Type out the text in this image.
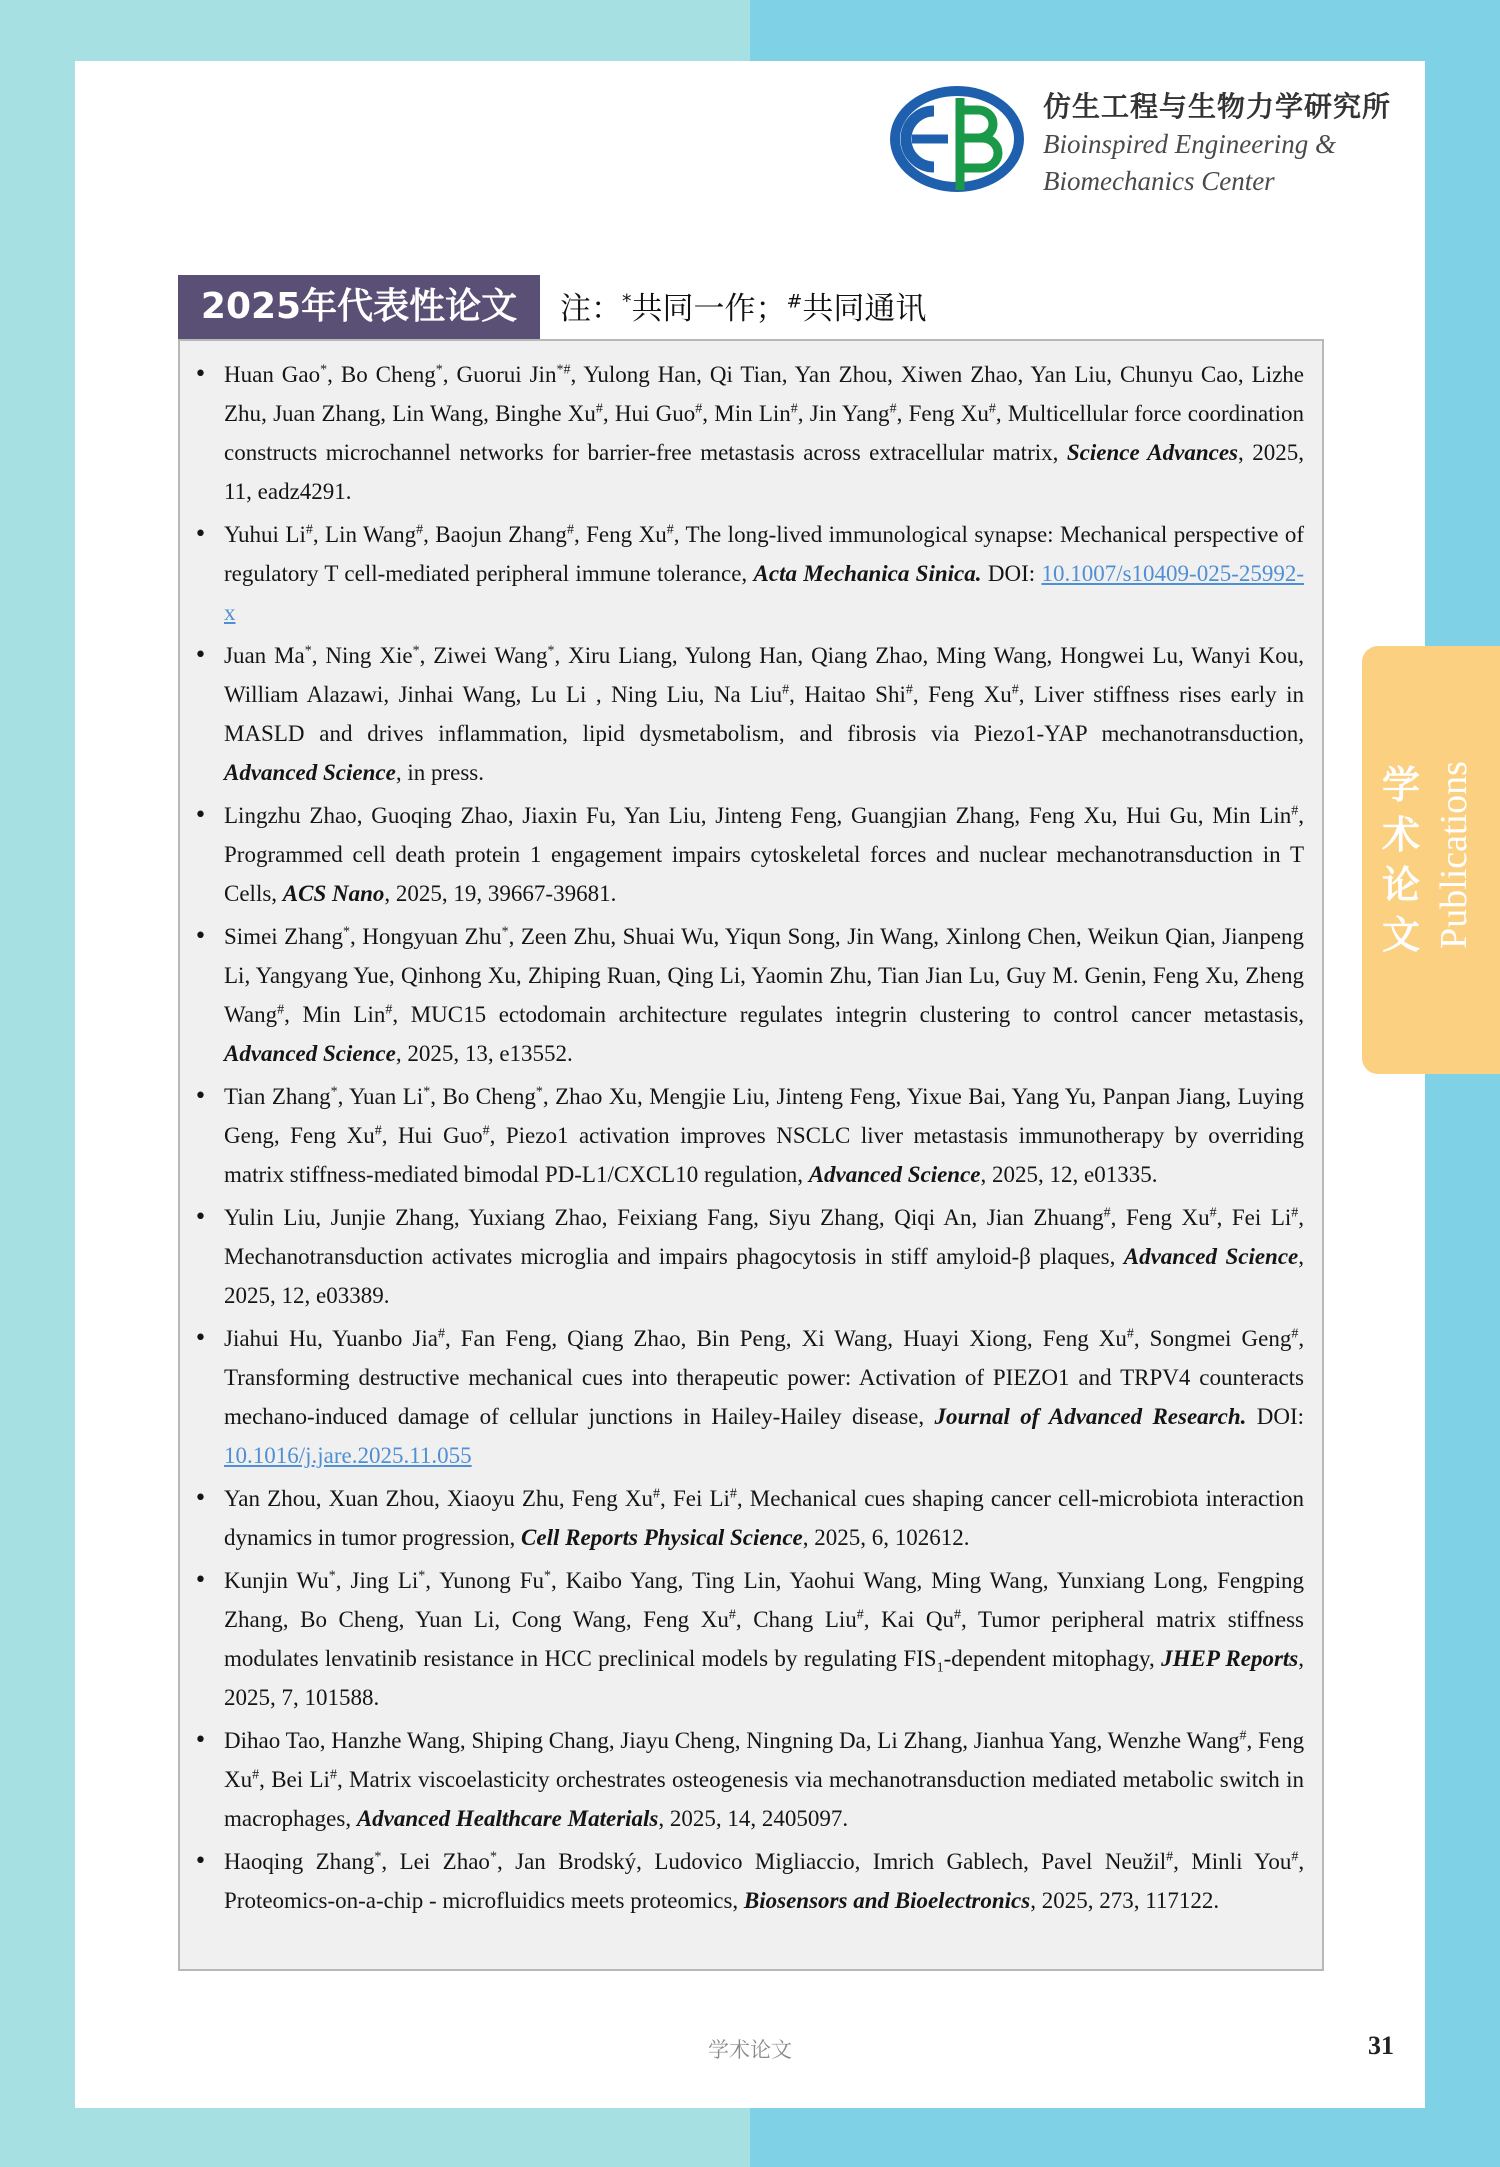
仿生工程与生物力学研究所
Bioinspired Engineering &
Biomechanics Center
2025年代表性论文	注：*共同一作；#共同通讯
• Huan Gao*, Bo Cheng*, Guorui Jin*#, Yulong Han, Qi Tian, Yan Zhou, Xiwen Zhao, Yan Liu, Chunyu Cao, Lizhe Zhu, Juan Zhang, Lin Wang, Binghe Xu#, Hui Guo#, Min Lin#, Jin Yang#, Feng Xu#, Multicellular force coordination constructs microchannel networks for barrier-free metastasis across extracellular matrix, Science Advances, 2025, 11, eadz4291.
• Yuhui Li#, Lin Wang#, Baojun Zhang#, Feng Xu#, The long-lived immunological synapse: Mechanical perspective of regulatory T cell-mediated peripheral immune tolerance, Acta Mechanica Sinica. DOI: 10.1007/s10409-025-25992-x
• Juan Ma*, Ning Xie*, Ziwei Wang*, Xiru Liang, Yulong Han, Qiang Zhao, Ming Wang, Hongwei Lu, Wanyi Kou, William Alazawi, Jinhai Wang, Lu Li , Ning Liu, Na Liu#, Haitao Shi#, Feng Xu#, Liver stiffness rises early in MASLD and drives inflammation, lipid dysmetabolism, and fibrosis via Piezo1-YAP mechanotransduction, Advanced Science, in press.
• Lingzhu Zhao, Guoqing Zhao, Jiaxin Fu, Yan Liu, Jinteng Feng, Guangjian Zhang, Feng Xu, Hui Gu, Min Lin#, Programmed cell death protein 1 engagement impairs cytoskeletal forces and nuclear mechanotransduction in T Cells, ACS Nano, 2025, 19, 39667-39681.
• Simei Zhang*, Hongyuan Zhu*, Zeen Zhu, Shuai Wu, Yiqun Song, Jin Wang, Xinlong Chen, Weikun Qian, Jianpeng Li, Yangyang Yue, Qinhong Xu, Zhiping Ruan, Qing Li, Yaomin Zhu, Tian Jian Lu, Guy M. Genin, Feng Xu, Zheng Wang#, Min Lin#, MUC15 ectodomain architecture regulates integrin clustering to control cancer metastasis, Advanced Science, 2025, 13, e13552.
• Tian Zhang*, Yuan Li*, Bo Cheng*, Zhao Xu, Mengjie Liu, Jinteng Feng, Yixue Bai, Yang Yu, Panpan Jiang, Luying Geng, Feng Xu#, Hui Guo#, Piezo1 activation improves NSCLC liver metastasis immunotherapy by overriding matrix stiffness-mediated bimodal PD-L1/CXCL10 regulation, Advanced Science, 2025, 12, e01335.
• Yulin Liu, Junjie Zhang, Yuxiang Zhao, Feixiang Fang, Siyu Zhang, Qiqi An, Jian Zhuang#, Feng Xu#, Fei Li#, Mechanotransduction activates microglia and impairs phagocytosis in stiff amyloid-β plaques, Advanced Science, 2025, 12, e03389.
• Jiahui Hu, Yuanbo Jia#, Fan Feng, Qiang Zhao, Bin Peng, Xi Wang, Huayi Xiong, Feng Xu#, Songmei Geng#, Transforming destructive mechanical cues into therapeutic power: Activation of PIEZO1 and TRPV4 counteracts mechano-induced damage of cellular junctions in Hailey-Hailey disease, Journal of Advanced Research. DOI: 10.1016/j.jare.2025.11.055
• Yan Zhou, Xuan Zhou, Xiaoyu Zhu, Feng Xu#, Fei Li#, Mechanical cues shaping cancer cell-microbiota interaction dynamics in tumor progression, Cell Reports Physical Science, 2025, 6, 102612.
• Kunjin Wu*, Jing Li*, Yunong Fu*, Kaibo Yang, Ting Lin, Yaohui Wang, Ming Wang, Yunxiang Long, Fengping Zhang, Bo Cheng, Yuan Li, Cong Wang, Feng Xu#, Chang Liu#, Kai Qu#, Tumor peripheral matrix stiffness modulates lenvatinib resistance in HCC preclinical models by regulating $FIS_1$-dependent mitophagy, JHEP Reports, 2025, 7, 101588.
• Dihao Tao, Hanzhe Wang, Shiping Chang, Jiayu Cheng, Ningning Da, Li Zhang, Jianhua Yang, Wenzhe Wang#, Feng Xu#, Bei Li#, Matrix viscoelasticity orchestrates osteogenesis via mechanotransduction mediated metabolic switch in macrophages, Advanced Healthcare Materials, 2025, 14, 2405097.
• Haoqing Zhang*, Lei Zhao*, Jan Brodský, Ludovico Migliaccio, Imrich Gablech, Pavel Neužil#, Minli You#, Proteomics-on-a-chip - microfluidics meets proteomics, Biosensors and Bioelectronics, 2025, 273, 117122.
学
术
论
文 Publications
学术论文	31
